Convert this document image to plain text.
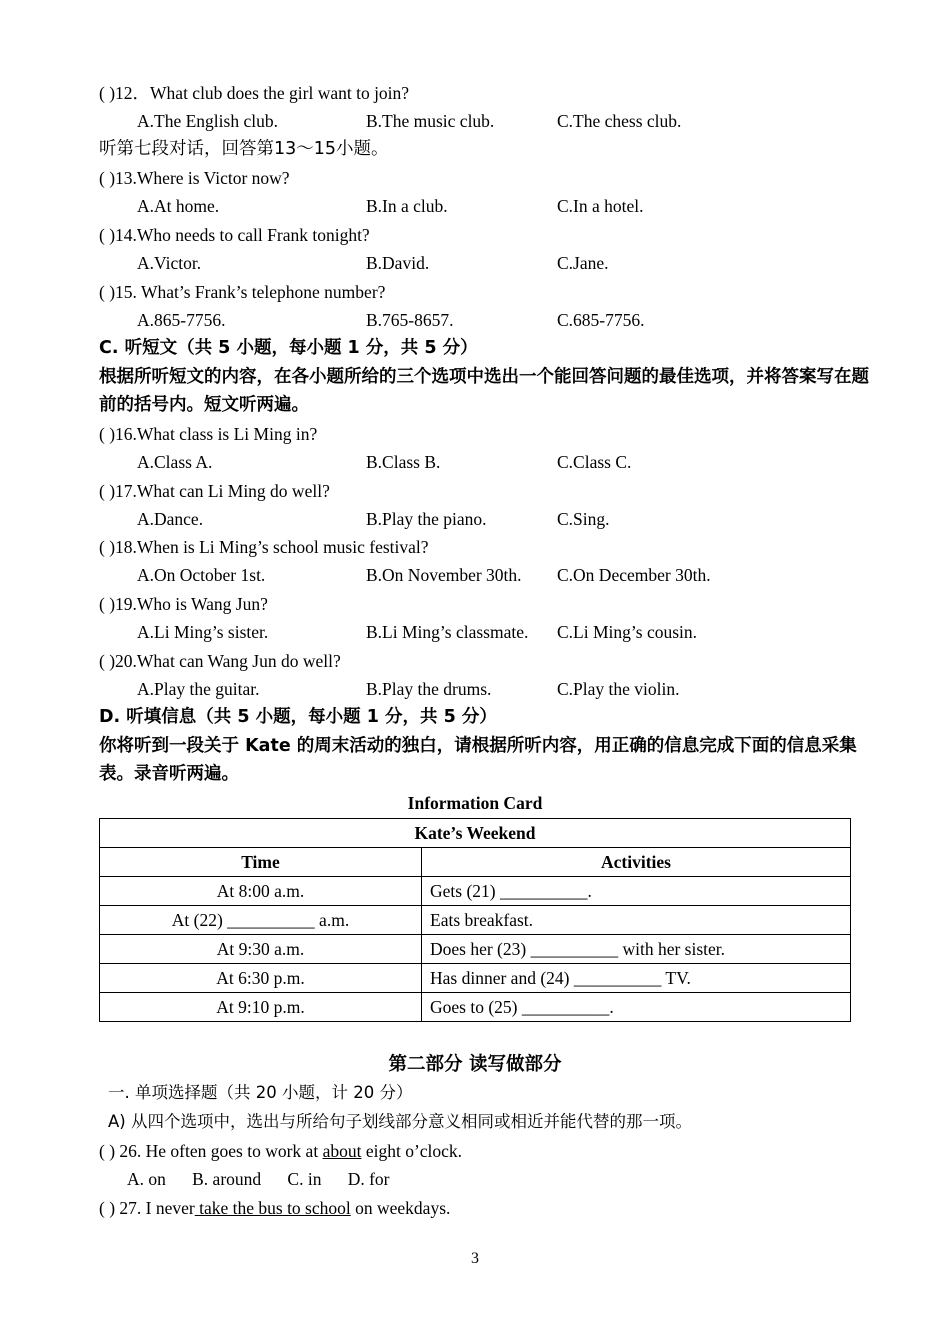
( )12．What club does the girl want to join?
A.The English club.	B.The music club.	C.The chess club.
听第七段对话，回答第13～15小题。
( )13.Where is Victor now?
A.At home.	B.In a club.	C.In a hotel.
( )14.Who needs to call Frank tonight?
A.Victor.	B.David.	C.Jane.
( )15. What’s Frank’s telephone number?
A.865-7756.	B.765-8657.	C.685-7756.
C. 听短文（共 5 小题，每小题 1 分，共 5 分）
根据所听短文的内容，在各小题所给的三个选项中选出一个能回答问题的最佳选项，并将答案写在题前的括号内。短文听两遍。
( )16.What class is Li Ming in?
A.Class A.	B.Class B.	C.Class C.
( )17.What can Li Ming do well?
A.Dance.	B.Play the piano.	C.Sing.
( )18.When is Li Ming’s school music festival?
A.On October 1st.	B.On November 30th. C.On December 30th.
( )19.Who is Wang Jun?
A.Li Ming’s sister.	B.Li Ming’s classmate. C.Li Ming’s cousin.
( )20.What can Wang Jun do well?
A.Play the guitar.	B.Play the drums.	C.Play the violin.
D. 听填信息（共 5 小题，每小题 1 分，共 5 分）
你将听到一段关于 Kate 的周末活动的独白，请根据所听内容，用正确的信息完成下面的信息采集表。录音听两遍。
Information Card
Kate’s Weekend	
Time	Activities
At 8:00 a.m.	Gets (21) __________.
At (22) __________ a.m.	Eats breakfast.
At 9:30 a.m.	Does her (23) __________ with her sister.
At 6:30 p.m.	Has dinner and (24) __________ TV.
At 9:10 p.m.	Goes to (25) __________.
第二部分 读写做部分
一. 单项选择题（共 20 小题，计 20 分）
A) 从四个选项中，选出与所给句子划线部分意义相同或相近并能代替的那一项。
( ) 26. He often goes to work at about eight o’clock.
A. on      B. around      C. in      D. for
( ) 27. I never take the bus to school on weekdays.
3
